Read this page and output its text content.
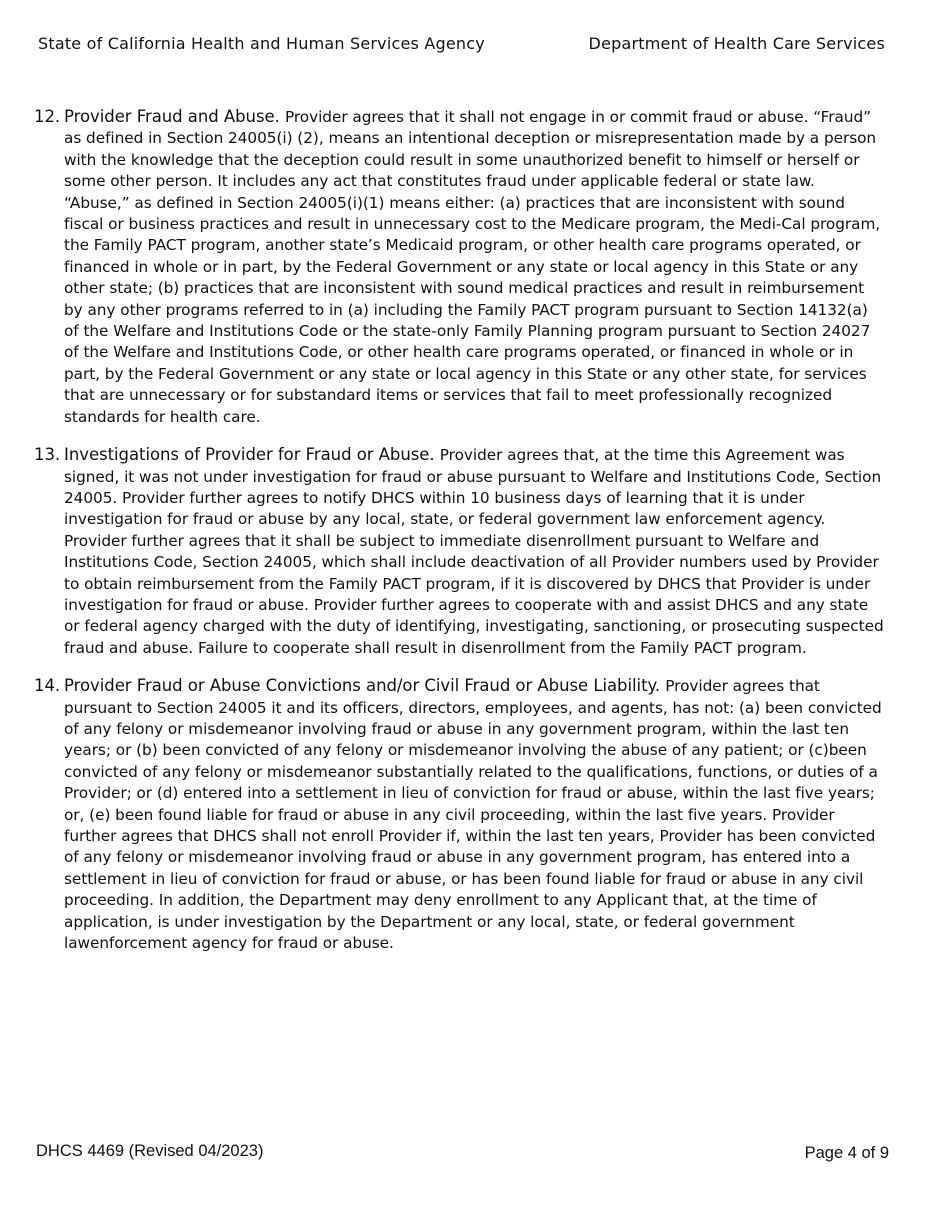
State of California Health and Human Services Agency	Department of Health Care Services
12. Provider Fraud and Abuse. Provider agrees that it shall not engage in or commit fraud or abuse. “Fraud” as defined in Section 24005(i) (2), means an intentional deception or misrepresentation made by a person with the knowledge that the deception could result in some unauthorized benefit to himself or herself or some other person. It includes any act that constitutes fraud under applicable federal or state law. “Abuse,” as defined in Section 24005(i)(1) means either: (a) practices that are inconsistent with sound fiscal or business practices and result in unnecessary cost to the Medicare program, the Medi-Cal program, the Family PACT program, another state’s Medicaid program, or other health care programs operated, or financed in whole or in part, by the Federal Government or any state or local agency in this State or any other state; (b) practices that are inconsistent with sound medical practices and result in reimbursement by any other programs referred to in (a) including the Family PACT program pursuant to Section 14132(a) of the Welfare and Institutions Code or the state-only Family Planning program pursuant to Section 24027 of the Welfare and Institutions Code, or other health care programs operated, or financed in whole or in part, by the Federal Government or any state or local agency in this State or any other state, for services that are unnecessary or for substandard items or services that fail to meet professionally recognized standards for health care.
13. Investigations of Provider for Fraud or Abuse. Provider agrees that, at the time this Agreement was signed, it was not under investigation for fraud or abuse pursuant to Welfare and Institutions Code, Section 24005. Provider further agrees to notify DHCS within 10 business days of learning that it is under investigation for fraud or abuse by any local, state, or federal government law enforcement agency. Provider further agrees that it shall be subject to immediate disenrollment pursuant to Welfare and Institutions Code, Section 24005, which shall include deactivation of all Provider numbers used by Provider to obtain reimbursement from the Family PACT program, if it is discovered by DHCS that Provider is under investigation for fraud or abuse. Provider further agrees to cooperate with and assist DHCS and any state or federal agency charged with the duty of identifying, investigating, sanctioning, or prosecuting suspected fraud and abuse. Failure to cooperate shall result in disenrollment from the Family PACT program.
14. Provider Fraud or Abuse Convictions and/or Civil Fraud or Abuse Liability. Provider agrees that pursuant to Section 24005 it and its officers, directors, employees, and agents, has not: (a) been convicted of any felony or misdemeanor involving fraud or abuse in any government program, within the last ten years; or (b) been convicted of any felony or misdemeanor involving the abuse of any patient; or (c)been convicted of any felony or misdemeanor substantially related to the qualifications, functions, or duties of a Provider; or (d) entered into a settlement in lieu of conviction for fraud or abuse, within the last five years; or, (e) been found liable for fraud or abuse in any civil proceeding, within the last five years. Provider further agrees that DHCS shall not enroll Provider if, within the last ten years, Provider has been convicted of any felony or misdemeanor involving fraud or abuse in any government program, has entered into a settlement in lieu of conviction for fraud or abuse, or has been found liable for fraud or abuse in any civil proceeding. In addition, the Department may deny enrollment to any Applicant that, at the time of application, is under investigation by the Department or any local, state, or federal government lawenforcement agency for fraud or abuse.
DHCS 4469 (Revised 04/2023)	Page 4 of 9
